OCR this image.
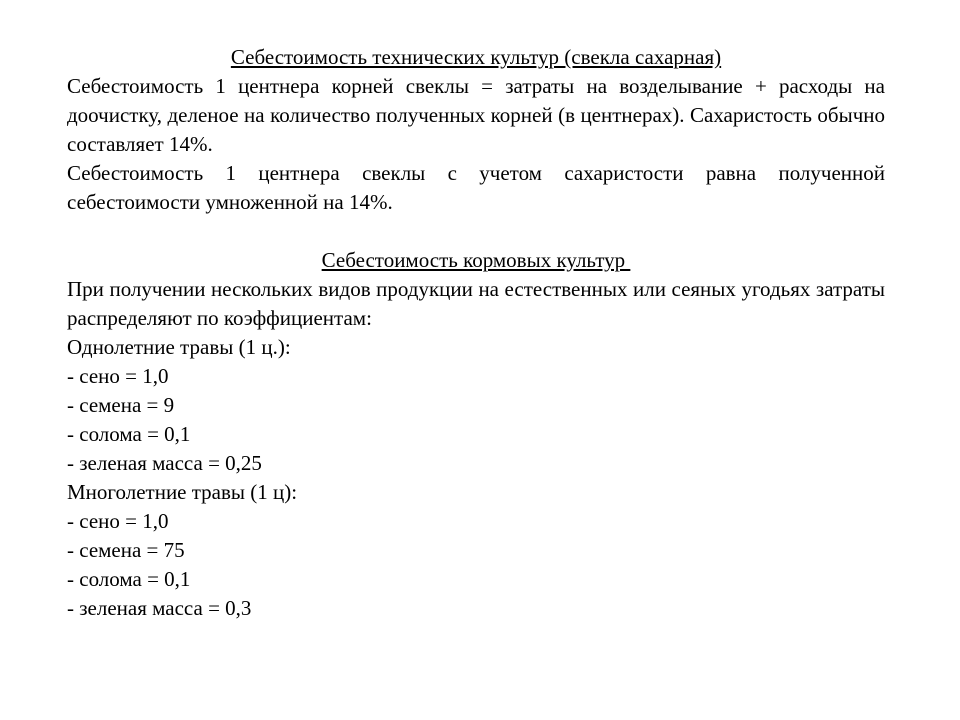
Себестоимость технических культур (свекла сахарная)

Себестоимость 1 центнера корней свеклы = затраты на возделывание + расходы на доочистку, деленое на количество полученных корней (в центнерах). Сахаристость обычно составляет 14%.

Себестоимость 1 центнера свеклы с учетом сахаристости равна полученной себестоимости умноженной на 14%.

Себестоимость кормовых культур

При получении нескольких видов продукции на естественных или сеяных угодьях затраты распределяют по коэффициентам:

Однолетние травы (1 ц.):

- сено = 1,0

- семена = 9

- солома = 0,1

- зеленая масса = 0,25

Многолетние травы (1 ц):

- сено = 1,0

- семена = 75

- солома = 0,1

- зеленая масса = 0,3
